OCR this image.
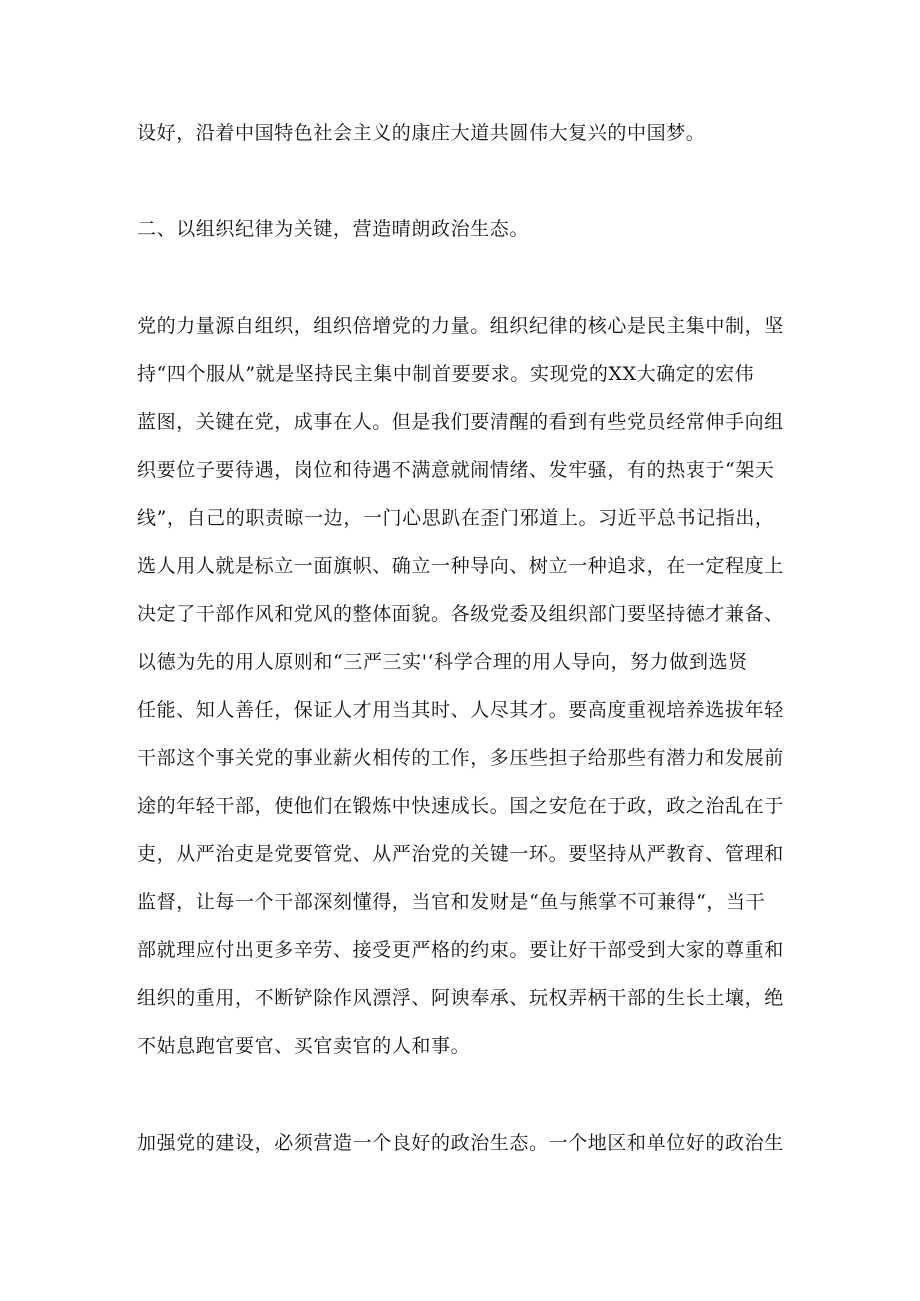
设好，沿着中国特色社会主义的康庄大道共圆伟大复兴的中国梦。
二、以组织纪律为关键，营造晴朗政治生态。
党的力量源自组织，组织倍增党的力量。组织纪律的核心是民主集中制，坚
持“四个服从”就是坚持民主集中制首要要求。实现党的XX大确定的宏伟
蓝图，关键在党，成事在人。但是我们要清醒的看到有些党员经常伸手向组
织要位子要待遇，岗位和待遇不满意就闹情绪、发牢骚，有的热衷于“架天
线”，自己的职责晾一边，一门心思趴在歪门邪道上。习近平总书记指出，
选人用人就是标立一面旗帜、确立一种导向、树立一种追求，在一定程度上
决定了干部作风和党风的整体面貌。各级党委及组织部门要坚持德才兼备、
以德为先的用人原则和“三严三实'‘科学合理的用人导向，努力做到选贤
任能、知人善任，保证人才用当其时、人尽其才。要高度重视培养选拔年轻
干部这个事关党的事业薪火相传的工作，多压些担子给那些有潜力和发展前
途的年轻干部，使他们在锻炼中快速成长。国之安危在于政，政之治乱在于
吏，从严治吏是党要管党、从严治党的关键一环。要坚持从严教育、管理和
监督，让每一个干部深刻懂得，当官和发财是“鱼与熊掌不可兼得“，当干
部就理应付出更多辛劳、接受更严格的约束。要让好干部受到大家的尊重和
组织的重用，不断铲除作风漂浮、阿谀奉承、玩权弄柄干部的生长土壤，绝
不姑息跑官要官、买官卖官的人和事。
加强党的建设，必须营造一个良好的政治生态。一个地区和单位好的政治生
